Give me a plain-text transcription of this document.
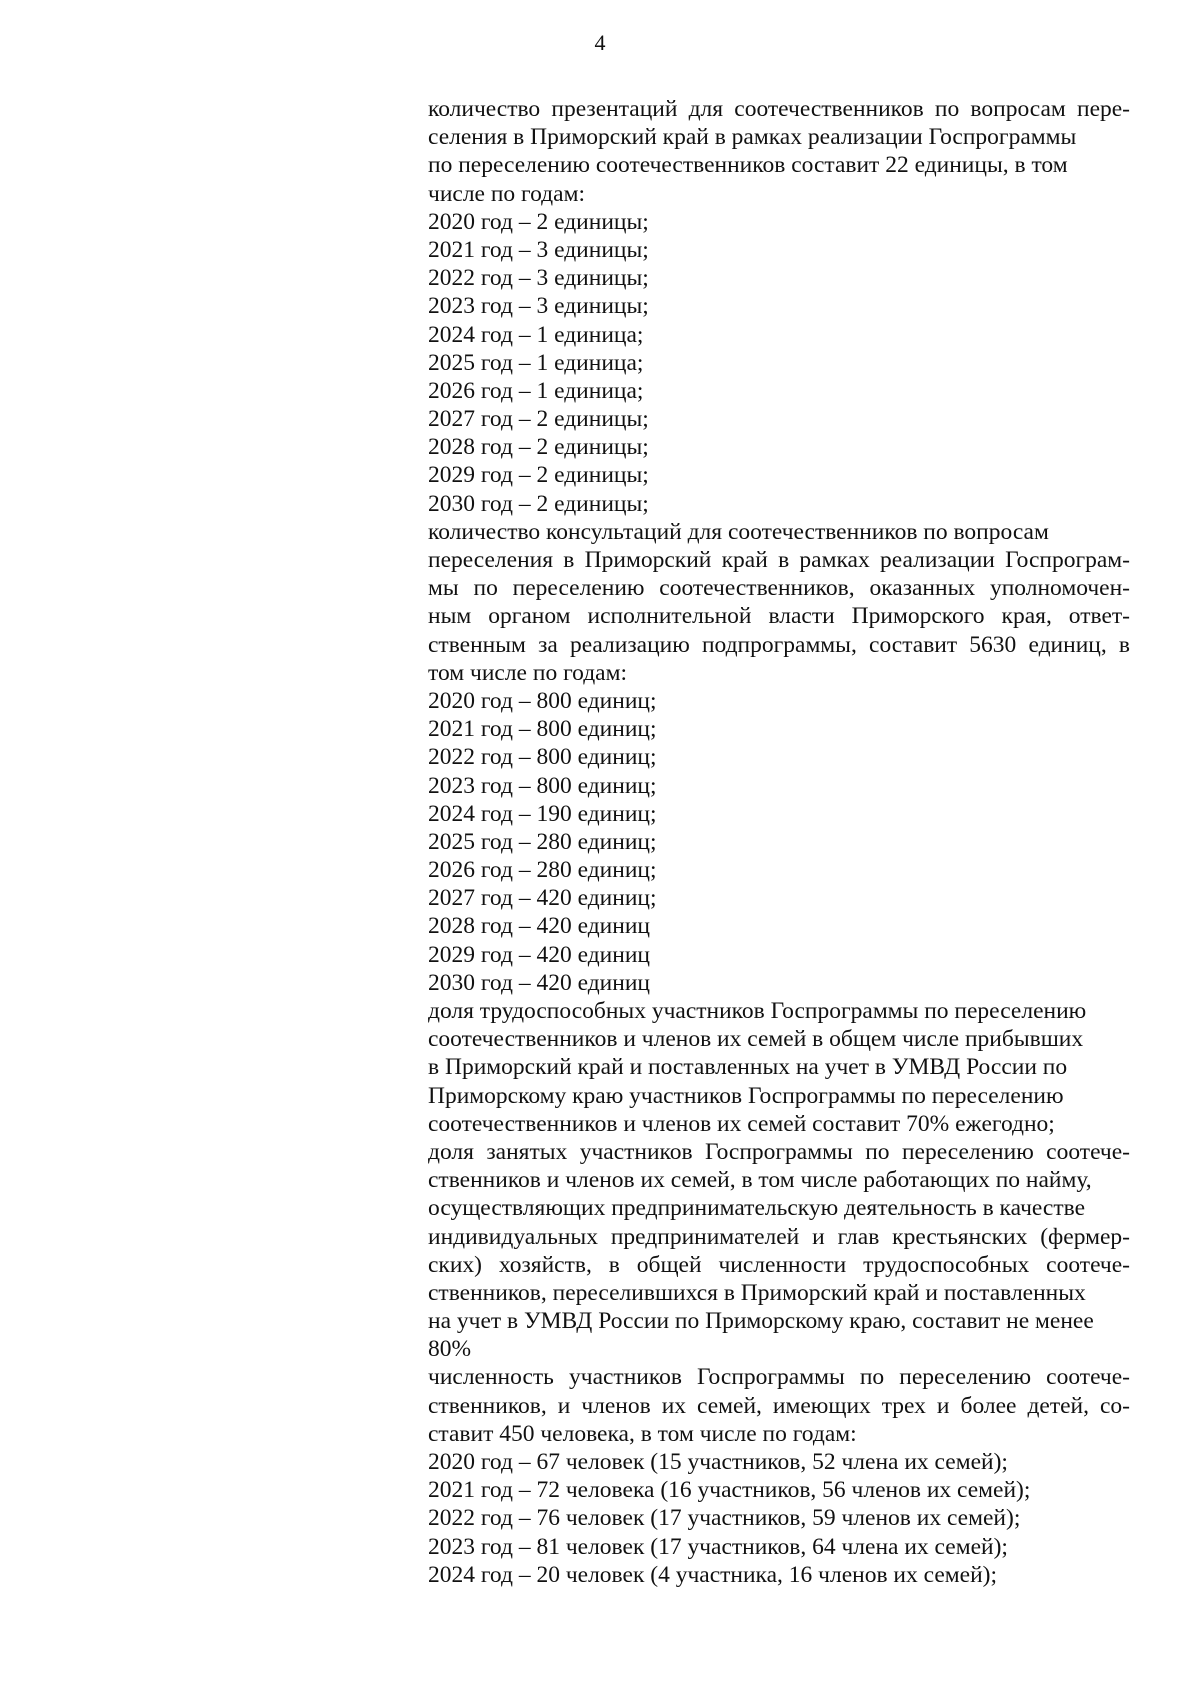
4
количество презентаций для соотечественников по вопросам пере-
селения в Приморский край в рамках реализации Госпрограммы
по переселению соотечественников составит 22 единицы, в том
числе по годам:
2020 год – 2 единицы;
2021 год – 3 единицы;
2022 год – 3 единицы;
2023 год – 3 единицы;
2024 год – 1 единица;
2025 год – 1 единица;
2026 год – 1 единица;
2027 год – 2 единицы;
2028 год – 2 единицы;
2029 год – 2 единицы;
2030 год – 2 единицы;
количество консультаций для соотечественников по вопросам
переселения в Приморский край в рамках реализации Госпрограм-
мы по переселению соотечественников, оказанных уполномочен-
ным органом исполнительной власти Приморского края, ответ-
ственным за реализацию подпрограммы, составит 5630 единиц, в
том числе по годам:
2020 год – 800 единиц;
2021 год – 800 единиц;
2022 год – 800 единиц;
2023 год – 800 единиц;
2024 год – 190 единиц;
2025 год – 280 единиц;
2026 год – 280 единиц;
2027 год – 420 единиц;
2028 год – 420 единиц
2029 год – 420 единиц
2030 год – 420 единиц
доля трудоспособных участников Госпрограммы по переселению
соотечественников и членов их семей в общем числе прибывших
в Приморский край и поставленных на учет в УМВД России по
Приморскому краю участников Госпрограммы по переселению
соотечественников и членов их семей составит 70% ежегодно;
доля занятых участников Госпрограммы по переселению соотече-
ственников и членов их семей, в том числе работающих по найму,
осуществляющих предпринимательскую деятельность в качестве
индивидуальных предпринимателей и глав крестьянских (фермер-
ских) хозяйств, в общей численности трудоспособных соотече-
ственников, переселившихся в Приморский край и поставленных
на учет в УМВД России по Приморскому краю, составит не менее
80%
численность участников Госпрограммы по переселению соотече-
ственников, и членов их семей, имеющих трех и более детей, со-
ставит 450 человека, в том числе по годам:
2020 год – 67 человек (15 участников, 52 члена их семей);
2021 год – 72 человека (16 участников, 56 членов их семей);
2022 год – 76 человек (17 участников, 59 членов их семей);
2023 год – 81 человек (17 участников, 64 члена их семей);
2024 год – 20 человек (4 участника, 16 членов их семей);
